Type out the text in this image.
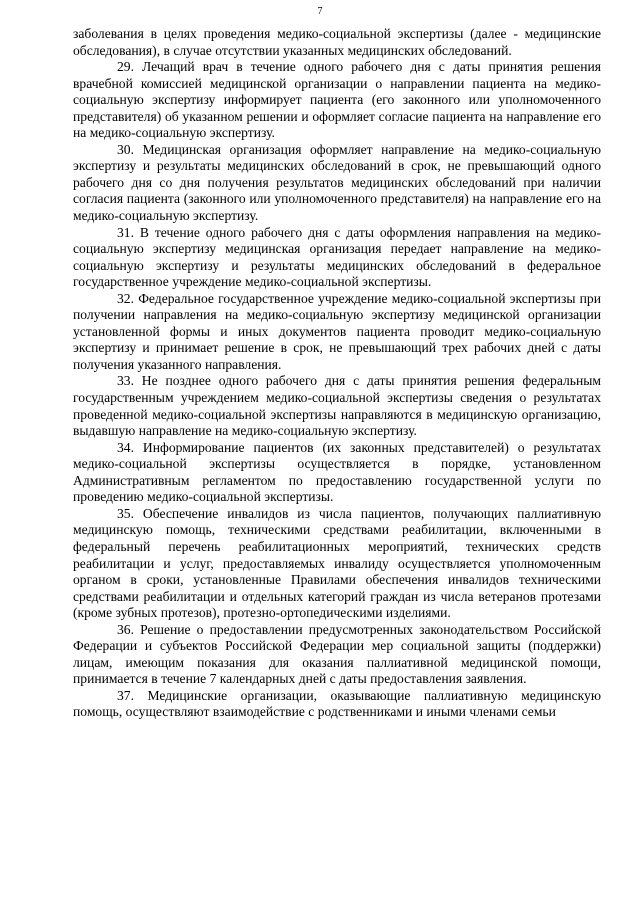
7

заболевания в целях проведения медико-социальной экспертизы (далее - медицинские обследования), в случае отсутствии указанных медицинских обследований.

29. Лечащий врач в течение одного рабочего дня с даты принятия решения врачебной комиссией медицинской организации о направлении пациента на медико-социальную экспертизу информирует пациента (его законного или уполномоченного представителя) об указанном решении и оформляет согласие пациента на направление его на медико-социальную экспертизу.

30. Медицинская организация оформляет направление на медико-социальную экспертизу и результаты медицинских обследований в срок, не превышающий одного рабочего дня со дня получения результатов медицинских обследований при наличии согласия пациента (законного или уполномоченного представителя) на направление его на медико-социальную экспертизу.

31. В течение одного рабочего дня с даты оформления направления на медико-социальную экспертизу медицинская организация передает направление на медико-социальную экспертизу и результаты медицинских обследований в федеральное государственное учреждение медико-социальной экспертизы.

32. Федеральное государственное учреждение медико-социальной экспертизы при получении направления на медико-социальную экспертизу медицинской организации установленной формы и иных документов пациента проводит медико-социальную экспертизу и принимает решение в срок, не превышающий трех рабочих дней с даты получения указанного направления.

33. Не позднее одного рабочего дня с даты принятия решения федеральным государственным учреждением медико-социальной экспертизы сведения о результатах проведенной медико-социальной экспертизы направляются в медицинскую организацию, выдавшую направление на медико-социальную экспертизу.

34. Информирование пациентов (их законных представителей) о результатах медико-социальной экспертизы осуществляется в порядке, установленном Административным регламентом по предоставлению государственной услуги по проведению медико-социальной экспертизы.

35. Обеспечение инвалидов из числа пациентов, получающих паллиативную медицинскую помощь, техническими средствами реабилитации, включенными в федеральный перечень реабилитационных мероприятий, технических средств реабилитации и услуг, предоставляемых инвалиду осуществляется уполномоченным органом в сроки, установленные Правилами обеспечения инвалидов техническими средствами реабилитации и отдельных категорий граждан из числа ветеранов протезами (кроме зубных протезов), протезно-ортопедическими изделиями.

36. Решение о предоставлении предусмотренных законодательством Российской Федерации и субъектов Российской Федерации мер социальной защиты (поддержки) лицам, имеющим показания для оказания паллиативной медицинской помощи, принимается в течение 7 календарных дней с даты предоставления заявления.

37. Медицинские организации, оказывающие паллиативную медицинскую помощь, осуществляют взаимодействие с родственниками и иными членами семьи
